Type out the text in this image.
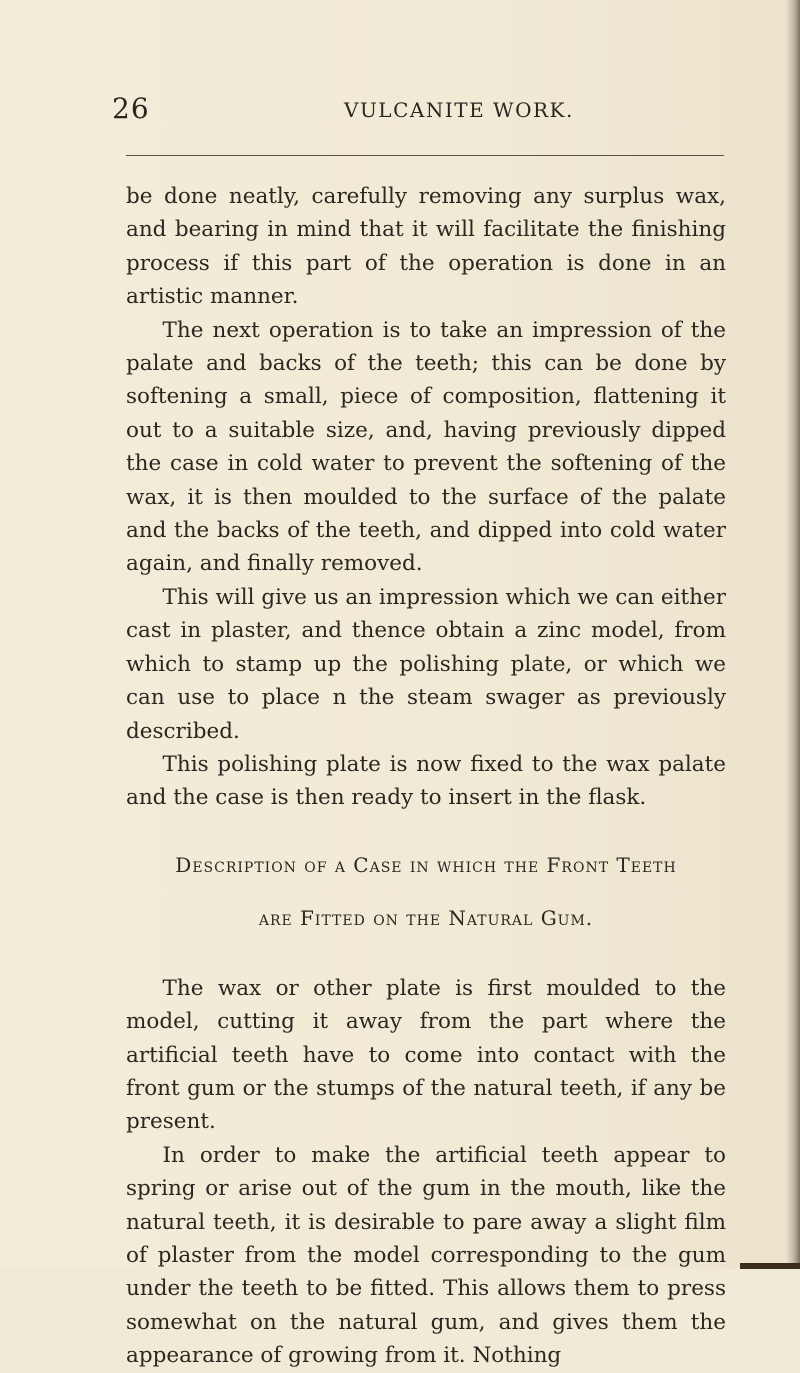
26	VULCANITE WORK.

be done neatly, carefully removing any surplus wax, and bearing in mind that it will facilitate the finishing process if this part of the operation is done in an artistic manner.

The next operation is to take an impression of the palate and backs of the teeth; this can be done by softening a small, piece of composition, flattening it out to a suitable size, and, having previously dipped the case in cold water to prevent the softening of the wax, it is then moulded to the surface of the palate and the backs of the teeth, and dipped into cold water again, and finally removed.

This will give us an impression which we can either cast in plaster, and thence obtain a zinc model, from which to stamp up the polishing plate, or which we can use to place n the steam swager as previously described.

This polishing plate is now fixed to the wax palate and the case is then ready to insert in the flask.

Description of a Case in which the Front Teeth

are Fitted on the Natural Gum.

The wax or other plate is first moulded to the model, cutting it away from the part where the artificial teeth have to come into contact with the front gum or the stumps of the natural teeth, if any be present.

In order to make the artificial teeth appear to spring or arise out of the gum in the mouth, like the natural teeth, it is desirable to pare away a slight film of plaster from the model corresponding to the gum under the teeth to be fitted. This allows them to press somewhat on the natural gum, and gives them the appearance of growing from it. Nothing
